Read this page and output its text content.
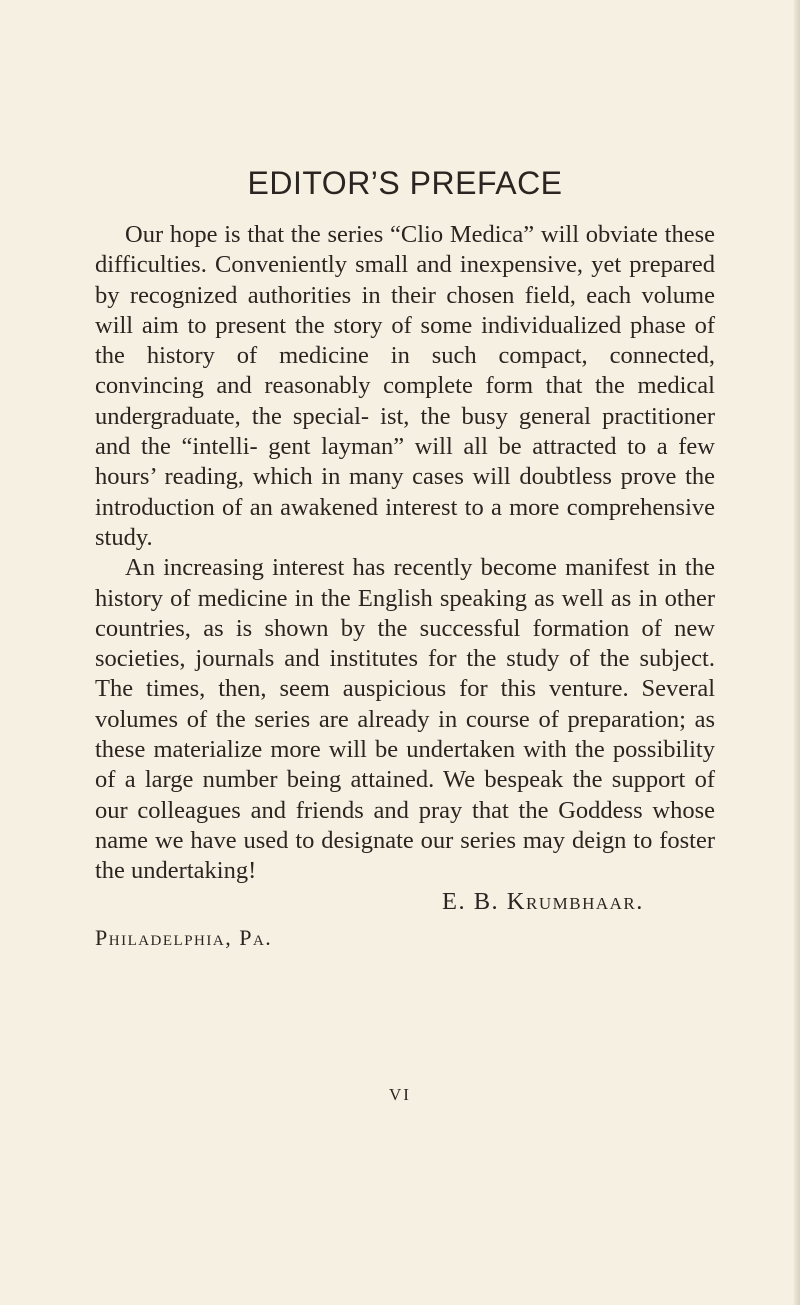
EDITOR’S PREFACE

Our hope is that the series “Clio Medica” will obviate these difficulties. Conveniently small and inexpensive, yet prepared by recognized authorities in their chosen field, each volume will aim to present the story of some individualized phase of the history of medicine in such compact, connected, convincing and reasonably complete form that the medical undergraduate, the special- ist, the busy general practitioner and the “intelli- gent layman” will all be attracted to a few hours’ reading, which in many cases will doubtless prove the introduction of an awakened interest to a more comprehensive study.

An increasing interest has recently become manifest in the history of medicine in the English speaking as well as in other countries, as is shown by the successful formation of new societies, journals and institutes for the study of the subject. The times, then, seem auspicious for this venture. Several volumes of the series are already in course of preparation; as these materialize more will be undertaken with the possibility of a large number being attained. We bespeak the support of our colleagues and friends and pray that the Goddess whose name we have used to designate our series may deign to foster the undertaking!

E. B. Krumbhaar.
Philadelphia, Pa.
vi
